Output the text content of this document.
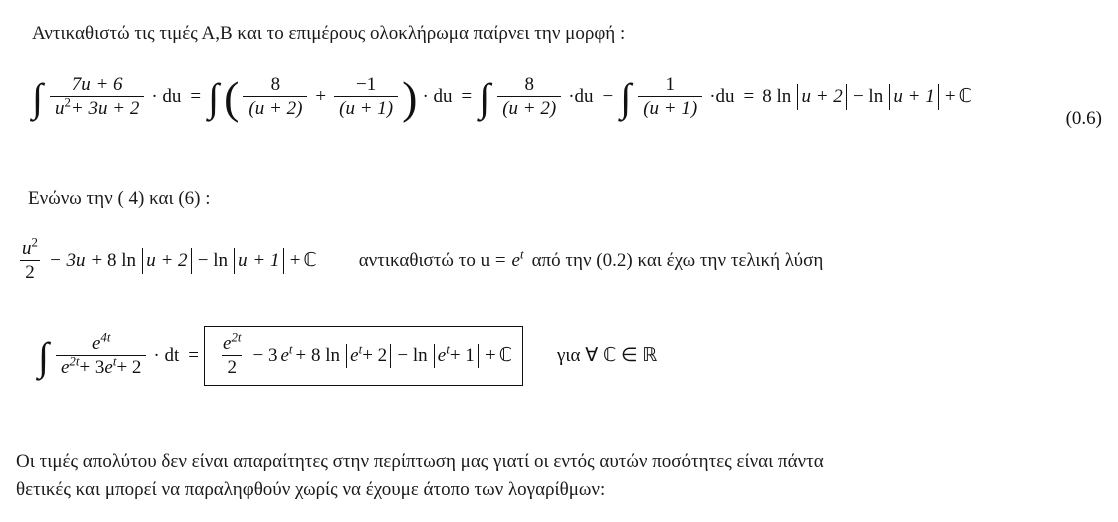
Αντικαθιστώ τις τιμές Α,Β και το επιμέρους ολοκλήρωμα παίρνει την μορφή :
∫ $\frac{7u + 6}{u^2+ 3u + 2}$ · du = ∫ ( $\frac{8}{(u + 2)} + \frac{-1}{(u + 1)}$ ) · du = ∫ $\frac{8}{(u + 2)} \cdot du$ − ∫ $\frac{1}{(u + 1)} \cdot du = 8$ ln u + 2 − ln u + 1 + ℂ
(0.6)
Ενώνω την ( 4) και (6) :
$\frac{u^2}{2} - 3u + 8$ ln u + 2 − ln u + 1 + ℂ αντικαθιστώ το $u = e^t$ από την (0.2) και έχω την τελική λύση
∫ $\frac{e^{4t}}{e^{2t}+ 3e^t+ 2}$ · dt = $\frac{e^{2t}}{2} - 3$ $e^t + 8$ $\ln e^t+ 2 - \ln e^t+ 1$ + ℂ για ∀ ℂ ∈ ℝ
Οι τιμές απολύτου δεν είναι απαραίτητες στην περίπτωση μας γιατί οι εντός αυτών ποσότητες είναι πάντα
θετικές και μπορεί να παραληφθούν χωρίς να έχουμε άτοπο των λογαρίθμων:
